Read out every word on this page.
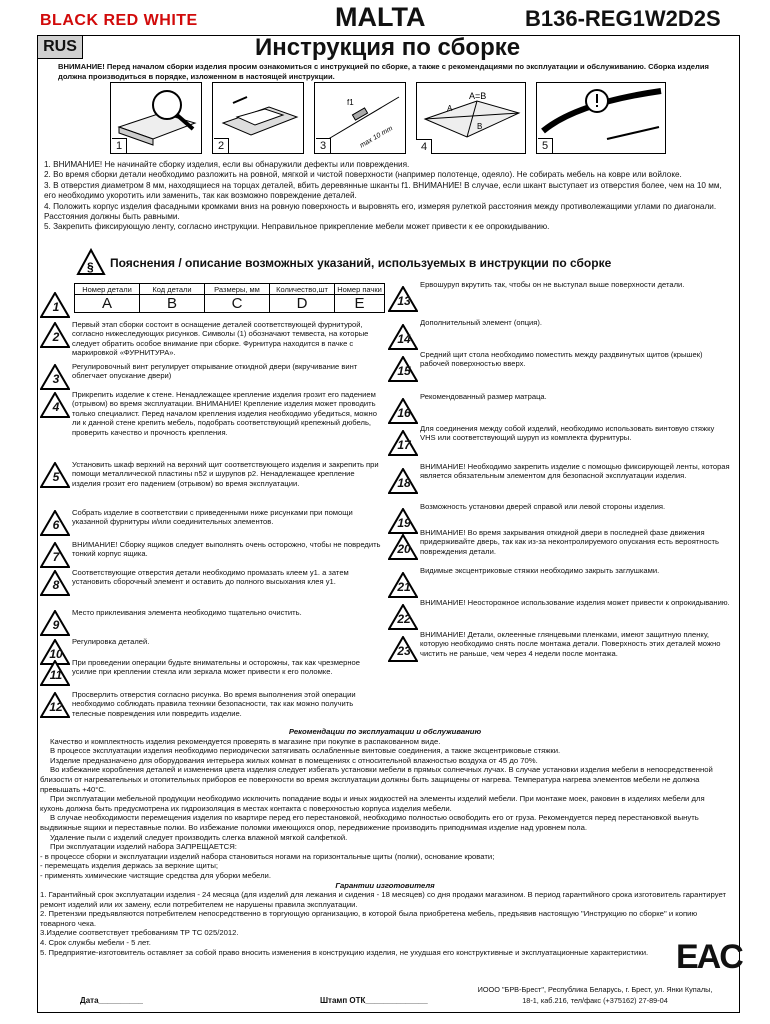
BLACK RED WHITE	MALTA	B136-REG1W2D2S
RUS	Инструкция по сборке
ВНИМАНИЕ! Перед началом сборки изделия просим ознакомиться с инструкцией по сборке, а также с рекомендациями по эксплуатации и обслуживанию. Сборка изделия должна производиться в порядке, изложенном в настоящей инструкции.
1	2
f1
max 10 mm
3
A=B
A
B
4	5

1. ВНИМАНИЕ! Не начинайте сборку изделия, если вы обнаружили дефекты или повреждения.

2. Во время сборки детали необходимо разложить на ровной, мягкой и чистой поверхности (например полотенце, одеяло). Не собирать мебель на ковре или войлоке.

3. В отверстия диаметром 8 мм, находящиеся на торцах деталей, вбить деревянные шканты f1. ВНИМАНИЕ! В случае, если шкант выступает из отверстия более, чем на 10 мм, его необходимо укоротить или заменить, так как возможно повреждение деталей.

4. Положить корпус изделия фасадными кромками вниз на ровную поверхность и выровнять его, измеряя рулеткой расстояния между противолежащими углами по диагонали. Расстояния должны быть равными.

5. Закрепить фиксирующую ленту, согласно инструкции. Неправильное прикрепление мебели может привести к ее опрокидыванию.

§ Пояснения / описание возможных указаний, используемых в инструкции по сборке
Номер детали	Код детали	Размеры, мм	Количество,шт	Номер пачки
A	B	C	D	E
1
2
Первый этап сборки состоит в оснащение деталей соответствующей фурнитурой, согласно нижеследующих рисунков. Символы (1) обозначают темвеста, на которые следует обратить особое внимание при сборке. Фурнитура находится в пачке с маркировкой «ФУРНИТУРА».
3
Регулировочный винт регулирует открывание откидной двери (вкручивание винт облегчает опускание двери)
4
Прикрепить изделие к стене. Ненадлежащее крепление изделия грозит его падением (отрывом) во время эксплуатации. ВНИМАНИЕ! Крепление изделия может проводить только специалист. Перед началом крепления изделия необходимо убедиться, можно ли к данной стене крепить мебель, подобрать соответствующий крепежный дюбель, проверить качество и прочность крепления.
5
Установить шкаф верхний на верхний щит соответствующего изделия и закрепить при помощи металлической пластины n52 и шурупов p2. Ненадлежащее крепление изделия грозит его падением (отрывом) во время эксплуатации.
6
Собрать изделие в соответствии с приведенными ниже рисунками при помощи указанной фурнитуры и/или соединительных элементов.
7
ВНИМАНИЕ! Сборку ящиков следует выполнять очень осторожно, чтобы не повредить тонкий корпус ящика.
8
Соответствующие отверстия детали необходимо промазать клеем y1. а затем установить сборочный элемент и оставить до полного высыхания клея y1.
9
Место приклеивания элемента необходимо тщательно очистить.
10
Регулировка деталей.
11
При проведении операции будьте внимательны и осторожны, так как чрезмерное усилие при креплении стекла или зеркала может привести к его поломке.
12
Просверлить отверстия согласно рисунка. Во время выполнения этой операции необходимо соблюдать правила техники безопасности, так как можно получить телесные повреждения или повредить изделие.
13
Ервошуруп вкрутить так, чтобы он не выступал выше поверхности детали.
14
Дополнительный элемент (опция).
15
Средний щит стола необходимо поместить между раздвинутых щитов (крышек) рабочей поверхностью вверх.
16
Рекомендованный размер матраца.
17
Для соединения между собой изделий, необходимо использовать винтовую стяжку VHS или соответствующий шуруп из комплекта фурнитуры.
18
ВНИМАНИЕ! Необходимо закрепить изделие с помощью фиксирующей ленты, которая является обязательным элементом для безопасной эксплуатации изделия.
19
Возможность установки дверей справой или левой стороны изделия.
20
ВНИМАНИЕ! Во время закрывания откидной двери в последней фазе движения придерживайте дверь, так как из-за неконтролируемого опускания есть вероятность повреждения детали.
21
Видимые эксцентриковые стяжки необходимо закрыть заглушками.
22
ВНИМАНИЕ! Неосторожное использование изделия может привести к опрокидыванию.
23
ВНИМАНИЕ! Детали, оклеенные глянцевыми пленками, имеют защитную пленку, которую необходимо снять после монтажа детали. Поверхность этих деталей можно чистить не раньше, чем через 4 недели после монтажа.

Рекомендации по эксплуатации и обслуживанию

Качество и комплектность изделия рекомендуется проверять в магазине при покупке в распакованном виде.

В процессе эксплуатации изделия необходимо периодически затягивать ослабленные винтовые соединения, а также эксцентриковые стяжки.

Изделие предназначено для оборудования интерьера жилых комнат в помещениях с относительной влажностью воздуха от 45 до 70%.

Во избежание коробления деталей и изменения цвета изделия следует избегать установки мебели в прямых солнечных лучах. В случае установки изделия мебели в непосредственной близости от нагревательных и отопительных приборов ее поверхности во время эксплуатации должны быть защищены от нагрева. Температура нагрева элементов мебели не должна превышать +40°C.

При эксплуатации мебельной продукции необходимо исключить попадание воды и иных жидкостей на элементы изделий мебели. При монтаже моек, раковин в изделиях мебели для кухонь должна быть предусмотрена их гидроизоляция в местах контакта с поверхностью корпуса изделия мебели.

В случае необходимости перемещения изделия по квартире перед его перестановкой, необходимо полностью освободить его от груза. Рекомендуется перед перестановкой вынуть выдвижные ящики и переставные полки. Во избежание поломки имеющихся опор, передвижение производить приподнимая изделие над уровнем пола.

Удаление пыли с изделий следует производить слегка влажной мягкой салфеткой.

При эксплуатации изделий набора ЗАПРЕЩАЕТСЯ:

- в процессе сборки и эксплуатации изделий набора становиться ногами на горизонтальные щиты (полки), основание кровати;

- перемещать изделия держась за верхние щиты;

- применять химические чистящие средства для уборки мебели.

Гарантии изготовителя

1. Гарантийный срок эксплуатации изделия - 24 месяца (для изделий для лежания и сидения - 18 месяцев) со дня продажи магазином. В период гарантийного срока изготовитель гарантирует ремонт изделий или их замену, если потребителем не нарушены правила эксплуатации.

2. Претензии предъявляются потребителем непосредственно в торгующую организацию, в которой была приобретена мебель, предъявив настоящую "Инструкцию по сборке" и копию товарного чека.

3.Изделие соответствует требованиям ТР ТС 025/2012.

4. Срок службы мебели - 5 лет.

5. Предприятие-изготовитель оставляет за собой право вносить изменения в конструкцию изделия, не ухудшая его конструктивные и эксплуатационные характеристики. EAC
Дата__________	Штамп ОТК______________
ИООО "БРВ-Брест", Республика Беларусь, г. Брест, ул. Янки Купалы,
18-1, каб.216, тел/факс (+375162) 27-89-04
